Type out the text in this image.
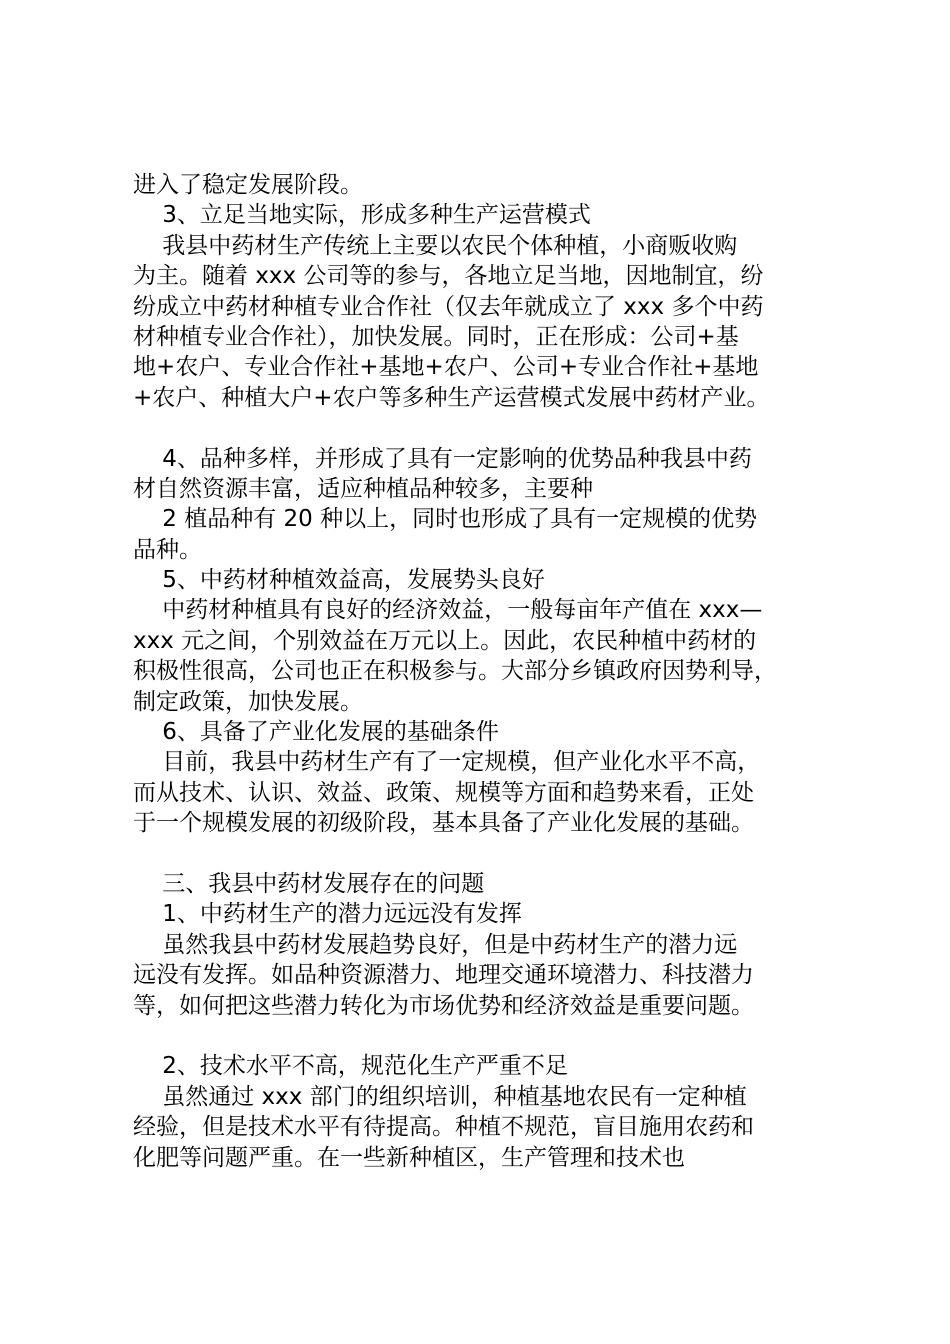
进入了稳定发展阶段。
3、立足当地实际，形成多种生产运营模式
我县中药材生产传统上主要以农民个体种植，小商贩收购
为主。随着 xxx 公司等的参与，各地立足当地，因地制宜，纷
纷成立中药材种植专业合作社（仅去年就成立了 xxx 多个中药
材种植专业合作社），加快发展。同时，正在形成：公司+基
地+农户、专业合作社+基地+农户、公司+专业合作社+基地
+农户、种植大户+农户等多种生产运营模式发展中药材产业。
4、品种多样，并形成了具有一定影响的优势品种我县中药
材自然资源丰富，适应种植品种较多，主要种
2 植品种有 20 种以上，同时也形成了具有一定规模的优势
品种。
5、中药材种植效益高，发展势头良好
中药材种植具有良好的经济效益，一般每亩年产值在 xxx—
xxx 元之间，个别效益在万元以上。因此，农民种植中药材的
积极性很高，公司也正在积极参与。大部分乡镇政府因势利导，
制定政策，加快发展。
6、具备了产业化发展的基础条件
目前，我县中药材生产有了一定规模，但产业化水平不高，
而从技术、认识、效益、政策、规模等方面和趋势来看，正处
于一个规模发展的初级阶段，基本具备了产业化发展的基础。
三、我县中药材发展存在的问题
1、中药材生产的潜力远远没有发挥
虽然我县中药材发展趋势良好，但是中药材生产的潜力远
远没有发挥。如品种资源潜力、地理交通环境潜力、科技潜力
等，如何把这些潜力转化为市场优势和经济效益是重要问题。
2、技术水平不高，规范化生产严重不足
虽然通过 xxx 部门的组织培训，种植基地农民有一定种植
经验，但是技术水平有待提高。种植不规范，盲目施用农药和
化肥等问题严重。在一些新种植区，生产管理和技术也
